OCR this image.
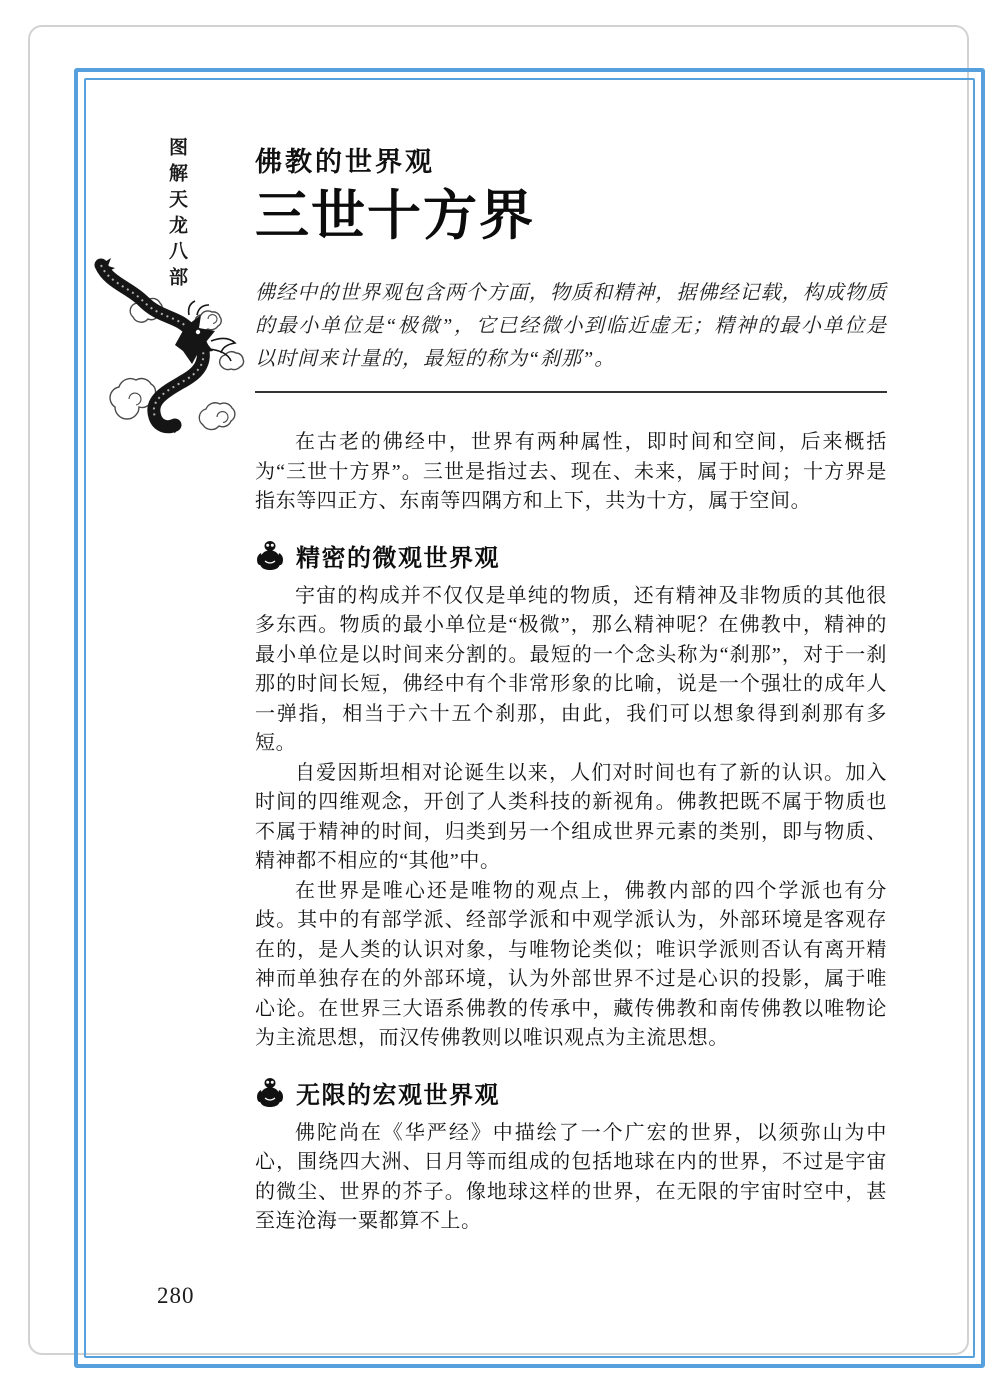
图解天龙八部	佛教的世界观
三世十方界

佛经中的世界观包含两个方面，物质和精神，据佛经记载，构成物质的最小单位是“极微”，它已经微小到临近虚无；精神的最小单位是以时间来计量的，最短的称为“刹那”。

在古老的佛经中，世界有两种属性，即时间和空间，后来概括为“三世十方界”。三世是指过去、现在、未来，属于时间；十方界是指东等四正方、东南等四隅方和上下，共为十方，属于空间。

精密的微观世界观

宇宙的构成并不仅仅是单纯的物质，还有精神及非物质的其他很多东西。物质的最小单位是“极微”，那么精神呢？在佛教中，精神的最小单位是以时间来分割的。最短的一个念头称为“刹那”，对于一刹那的时间长短，佛经中有个非常形象的比喻，说是一个强壮的成年人一弹指，相当于六十五个刹那，由此，我们可以想象得到刹那有多短。

自爱因斯坦相对论诞生以来，人们对时间也有了新的认识。加入时间的四维观念，开创了人类科技的新视角。佛教把既不属于物质也不属于精神的时间，归类到另一个组成世界元素的类别，即与物质、精神都不相应的“其他”中。

在世界是唯心还是唯物的观点上，佛教内部的四个学派也有分歧。其中的有部学派、经部学派和中观学派认为，外部环境是客观存在的，是人类的认识对象，与唯物论类似；唯识学派则否认有离开精神而单独存在的外部环境，认为外部世界不过是心识的投影，属于唯心论。在世界三大语系佛教的传承中，藏传佛教和南传佛教以唯物论为主流思想，而汉传佛教则以唯识观点为主流思想。

无限的宏观世界观

佛陀尚在《华严经》中描绘了一个广宏的世界，以须弥山为中心，围绕四大洲、日月等而组成的包括地球在内的世界，不过是宇宙的微尘、世界的芥子。像地球这样的世界，在无限的宇宙时空中，甚至连沧海一粟都算不上。

280
